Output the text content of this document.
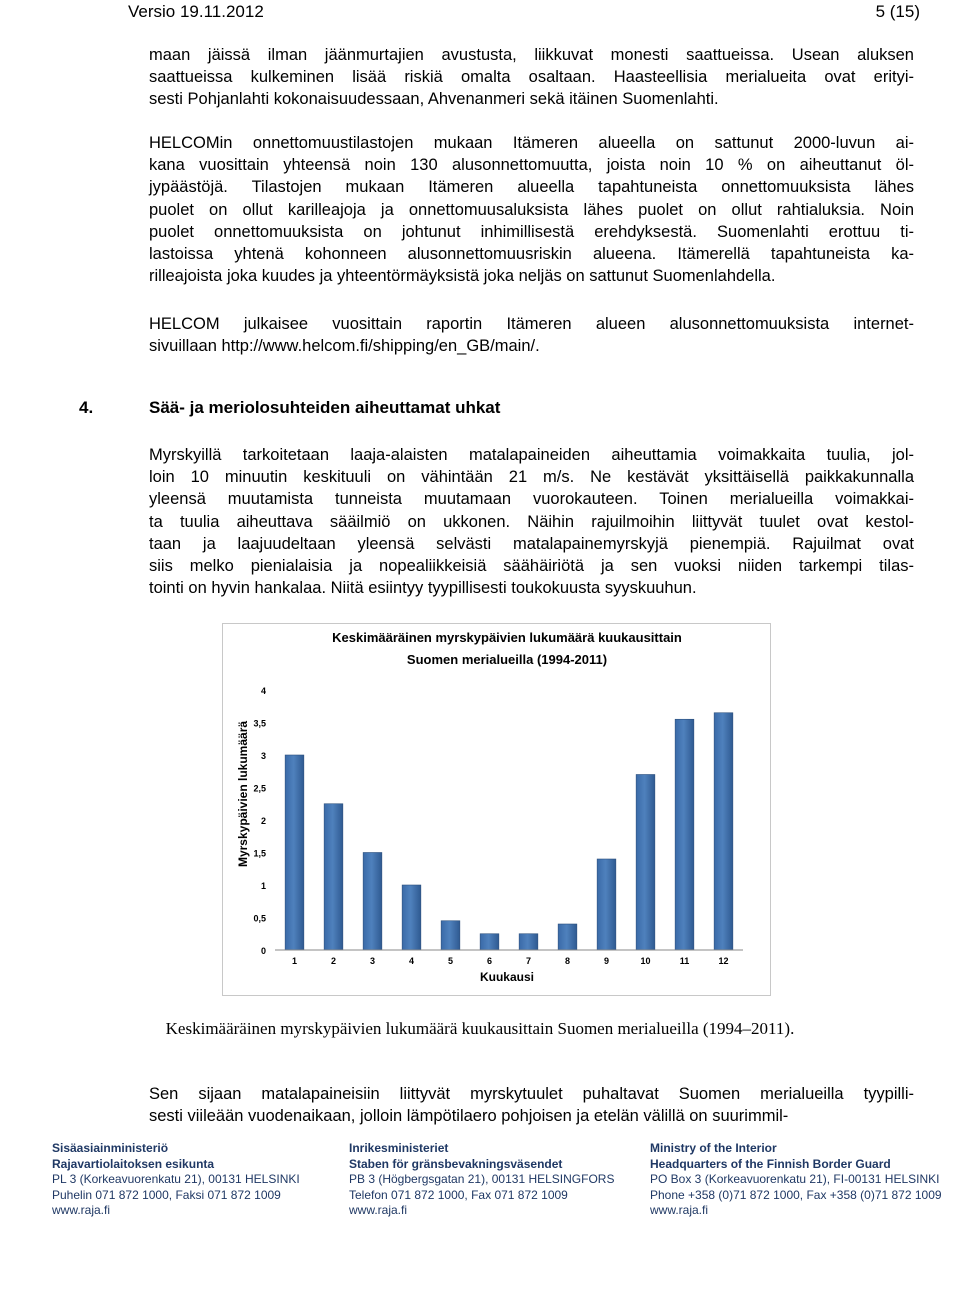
Versio 19.11.2012	5 (15)
maan jäissä ilman jäänmurtajien avustusta, liikkuvat monesti saattueissa. Usean aluksen
saattueissa kulkeminen lisää riskiä omalta osaltaan. Haasteellisia merialueita ovat erityi-
sesti Pohjanlahti kokonaisuudessaan, Ahvenanmeri sekä itäinen Suomenlahti.
HELCOMin onnettomuustilastojen mukaan Itämeren alueella on sattunut 2000-luvun ai-
kana vuosittain yhteensä noin 130 alusonnettomuutta, joista noin 10 % on aiheuttanut öl-
jypäästöjä. Tilastojen mukaan Itämeren alueella tapahtuneista onnettomuuksista lähes
puolet on ollut karilleajoja ja onnettomuusaluksista lähes puolet on ollut rahtialuksia. Noin
puolet onnettomuuksista on johtunut inhimillisestä erehdyksestä. Suomenlahti erottuu ti-
lastoissa yhtenä kohonneen alusonnettomuusriskin alueena. Itämerellä tapahtuneista ka-
rilleajoista joka kuudes ja yhteentörmäyksistä joka neljäs on sattunut Suomenlahdella.
HELCOM julkaisee vuosittain raportin Itämeren alueen alusonnettomuuksista internet-
sivuillaan http://www.helcom.fi/shipping/en_GB/main/.
4.	Sää- ja meriolosuhteiden aiheuttamat uhkat
Myrskyillä tarkoitetaan laaja-alaisten matalapaineiden aiheuttamia voimakkaita tuulia, jol-
loin 10 minuutin keskituuli on vähintään 21 m/s. Ne kestävät yksittäisellä paikkakunnalla
yleensä muutamista tunneista muutamaan vuorokauteen. Toinen merialueilla voimakkai-
ta tuulia aiheuttava sääilmiö on ukkonen. Näihin rajuilmoihin liittyvät tuulet ovat kestol-
taan ja laajuudeltaan yleensä selvästi matalapainemyrskyjä pienempiä. Rajuilmat ovat
siis melko pienialaisia ja nopealiikkeisiä säähäiriötä ja sen vuoksi niiden tarkempi tilas-
tointi on hyvin hankalaa. Niitä esiintyy tyypillisesti toukokuusta syyskuuhun.
Keskimääräinen myrskypäivien lukumäärä kuukausittain
Suomen merialueilla (1994-2011)
0
0,5
1
1,5
2
2,5
3
3,5
4
1	2	3	4	5	6	7	8	9	10	11	12
Kuukausi
Myrskypäivien lukumäärä
Keskimääräinen myrskypäivien lukumäärä kuukausittain Suomen merialueilla (1994–2011).
Sen sijaan matalapaineisiin liittyvät myrskytuulet puhaltavat Suomen merialueilla tyypilli-
sesti viileään vuodenaikaan, jolloin lämpötilaero pohjoisen ja etelän välillä on suurimmil-
Sisäasiainministeriö
Rajavartiolaitoksen esikunta
PL 3 (Korkeavuorenkatu 21), 00131 HELSINKI
Puhelin 071 872 1000, Faksi 071 872 1009
www.raja.fi
Inrikesministeriet
Staben för gränsbevakningsväsendet
PB 3 (Högbergsgatan 21), 00131 HELSINGFORS
Telefon 071 872 1000, Fax 071 872 1009
www.raja.fi
Ministry of the Interior
Headquarters of the Finnish Border Guard
PO Box 3 (Korkeavuorenkatu 21), FI-00131 HELSINKI
Phone +358 (0)71 872 1000, Fax +358 (0)71 872 1009
www.raja.fi
